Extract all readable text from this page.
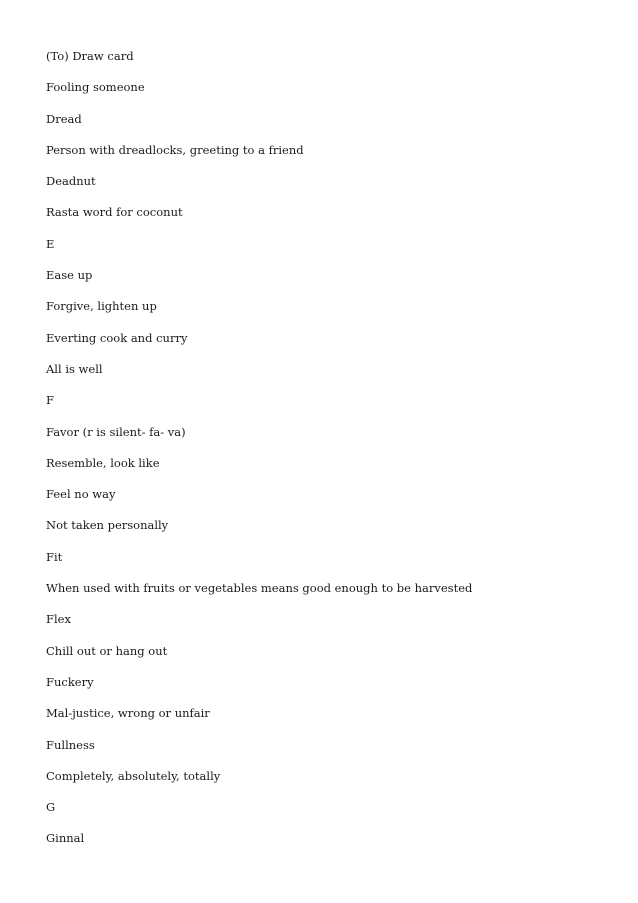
(To) Draw card
Fooling someone
Dread
Person with dreadlocks, greeting to a friend
Deadnut
Rasta word for coconut
E
Ease up
Forgive, lighten up
Everting cook and curry
All is well
F
Favor (r is silent- fa- va)
Resemble, look like
Feel no way
Not taken personally
Fit
When used with fruits or vegetables means good enough to be harvested
Flex
Chill out or hang out
Fuckery
Mal-justice, wrong or unfair
Fullness
Completely, absolutely, totally
G
Ginnal
